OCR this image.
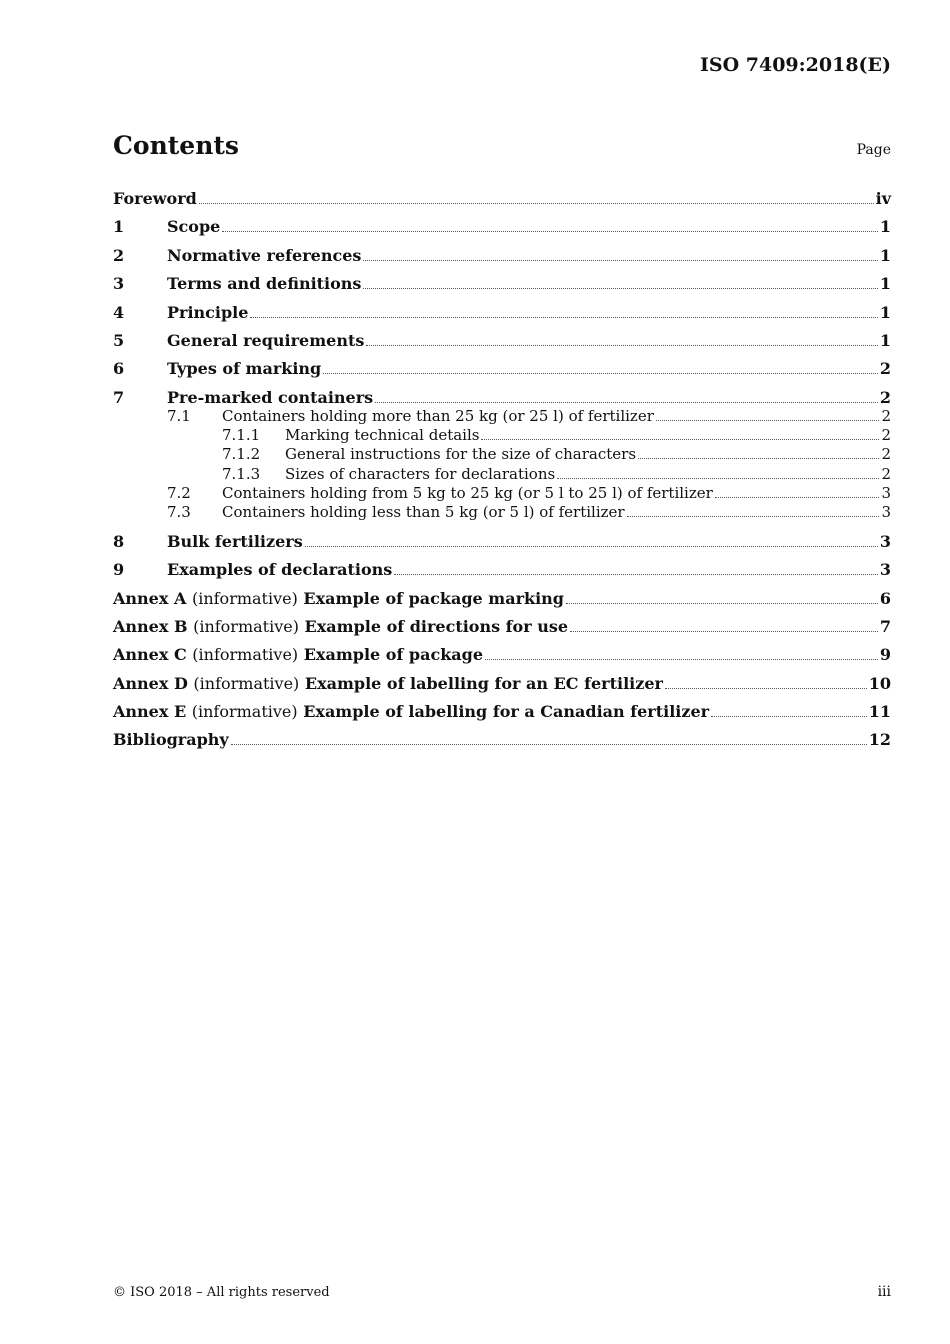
ISO 7409:2018(E)
Contents	Page
Foreword	iv
1	Scope	1
2	Normative references	1
3	Terms and definitions	1
4	Principle	1
5	General requirements	1
6	Types of marking	2
7	Pre-marked containers	2
7.1	Containers holding more than 25 kg (or 25 l) of fertilizer	2
7.1.1	Marking technical details	2
7.1.2	General instructions for the size of characters	2
7.1.3	Sizes of characters for declarations	2
7.2	Containers holding from 5 kg to 25 kg (or 5 l to 25 l) of fertilizer	3
7.3	Containers holding less than 5 kg (or 5 l) of fertilizer	3
8	Bulk fertilizers	3
9	Examples of declarations	3
Annex A (informative) Example of package marking	6
Annex B (informative) Example of directions for use	7
Annex C (informative) Example of package	9
Annex D (informative) Example of labelling for an EC fertilizer	10
Annex E (informative) Example of labelling for a Canadian fertilizer	11
Bibliography	12
© ISO 2018 – All rights reserved	iii
